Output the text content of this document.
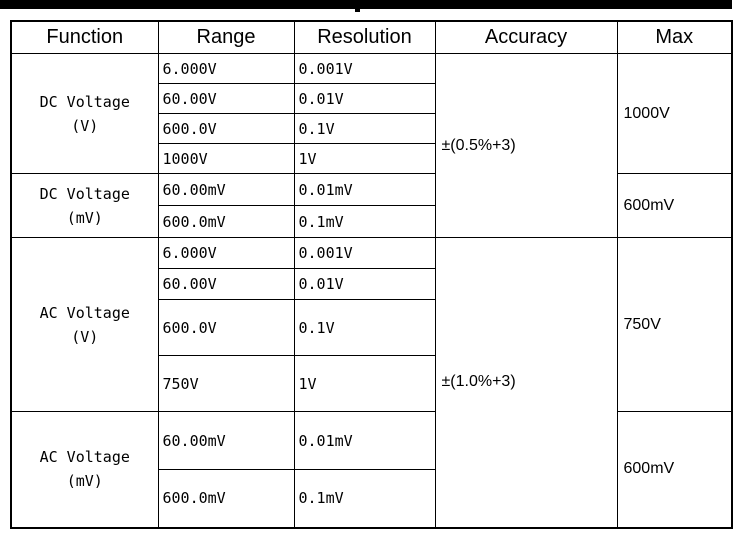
Function	Range	Resolution	Accuracy	Max

DC Voltage
(V)	6.000V	0.001V	±(0.5%+3)	1000V
	60.00V	0.01V		
	600.0V	0.1V		
	1000V	1V		

DC Voltage
(mV)	60.00mV	0.01mV		600mV
	600.0mV	0.1mV		

AC Voltage
(V)	6.000V	0.001V	±(1.0%+3)	750V
	60.00V	0.01V		
	600.0V	0.1V		
	750V	1V		

AC Voltage
(mV)	60.00mV	0.01mV		600mV
	600.0mV	0.1mV		
